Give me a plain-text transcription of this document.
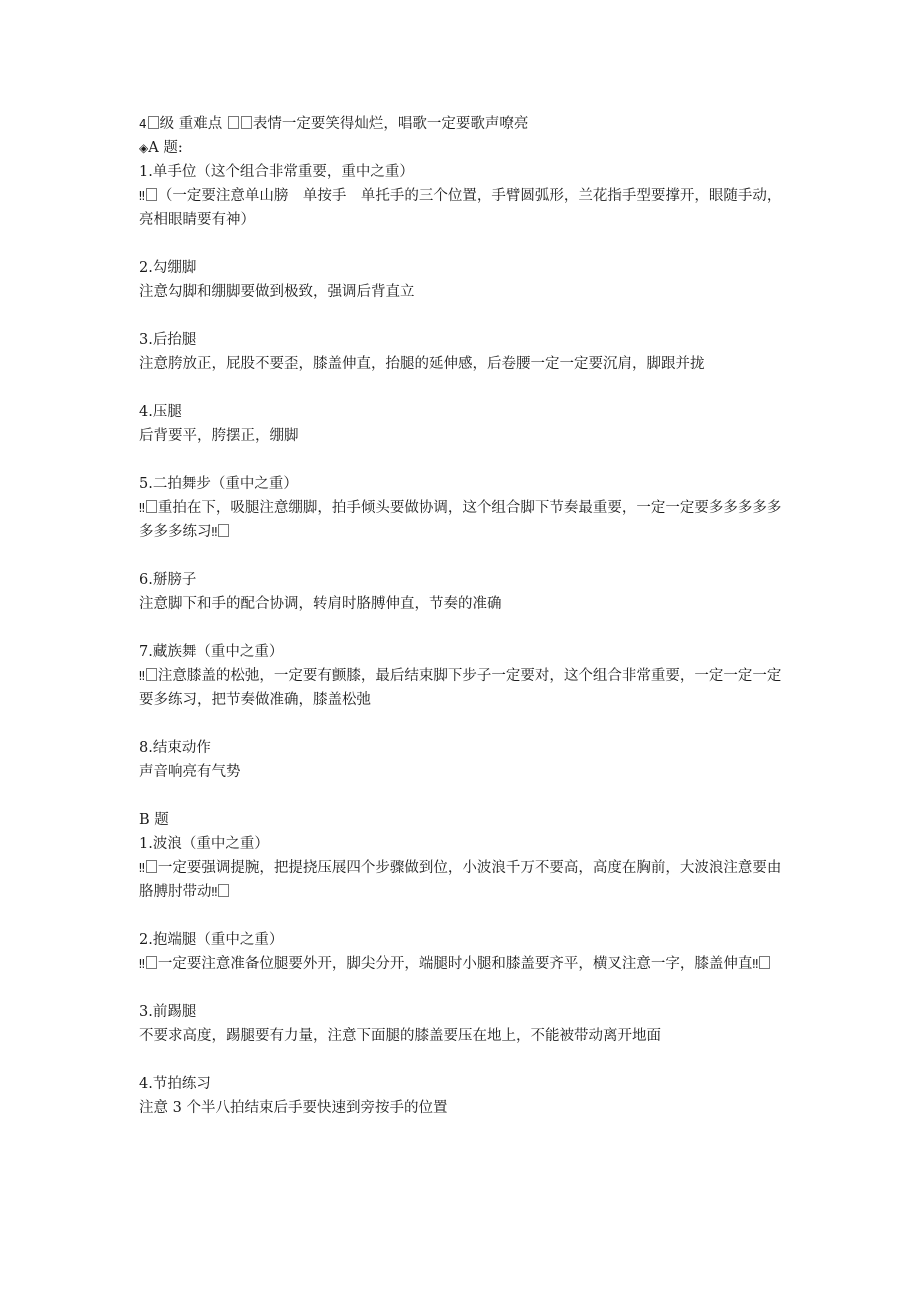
4 级 重难点 表情一定要笑得灿烂，唱歌一定要歌声嘹亮
◈A 题:
1.单手位（这个组合非常重要，重中之重）
‼ （一定要注意单山膀　单按手　单托手的三个位置，手臂圆弧形，兰花指手型要撑开，眼随手动，亮相眼睛要有神）
2.勾绷脚
注意勾脚和绷脚要做到极致，强调后背直立
3.后抬腿
注意胯放正，屁股不要歪，膝盖伸直，抬腿的延伸感，后卷腰一定一定要沉肩，脚跟并拢
4.压腿
后背要平，胯摆正，绷脚
5.二拍舞步（重中之重）
‼ 重拍在下，吸腿注意绷脚，拍手倾头要做协调，这个组合脚下节奏最重要，一定一定要多多多多多多多多练习‼
6.掰膀子
注意脚下和手的配合协调，转肩时胳膊伸直，节奏的准确
7.藏族舞（重中之重）
‼ 注意膝盖的松弛，一定要有颤膝，最后结束脚下步子一定要对，这个组合非常重要，一定一定一定要多练习，把节奏做准确，膝盖松弛
8.结束动作
声音响亮有气势
B 题
1.波浪（重中之重）
‼ 一定要强调提腕，把提挠压展四个步骤做到位，小波浪千万不要高，高度在胸前，大波浪注意要由胳膊肘带动‼
2.抱端腿（重中之重）
‼ 一定要注意准备位腿要外开，脚尖分开，端腿时小腿和膝盖要齐平，横叉注意一字，膝盖伸直‼
3.前踢腿
不要求高度，踢腿要有力量，注意下面腿的膝盖要压在地上，不能被带动离开地面
4.节拍练习
注意 3 个半八拍结束后手要快速到旁按手的位置
